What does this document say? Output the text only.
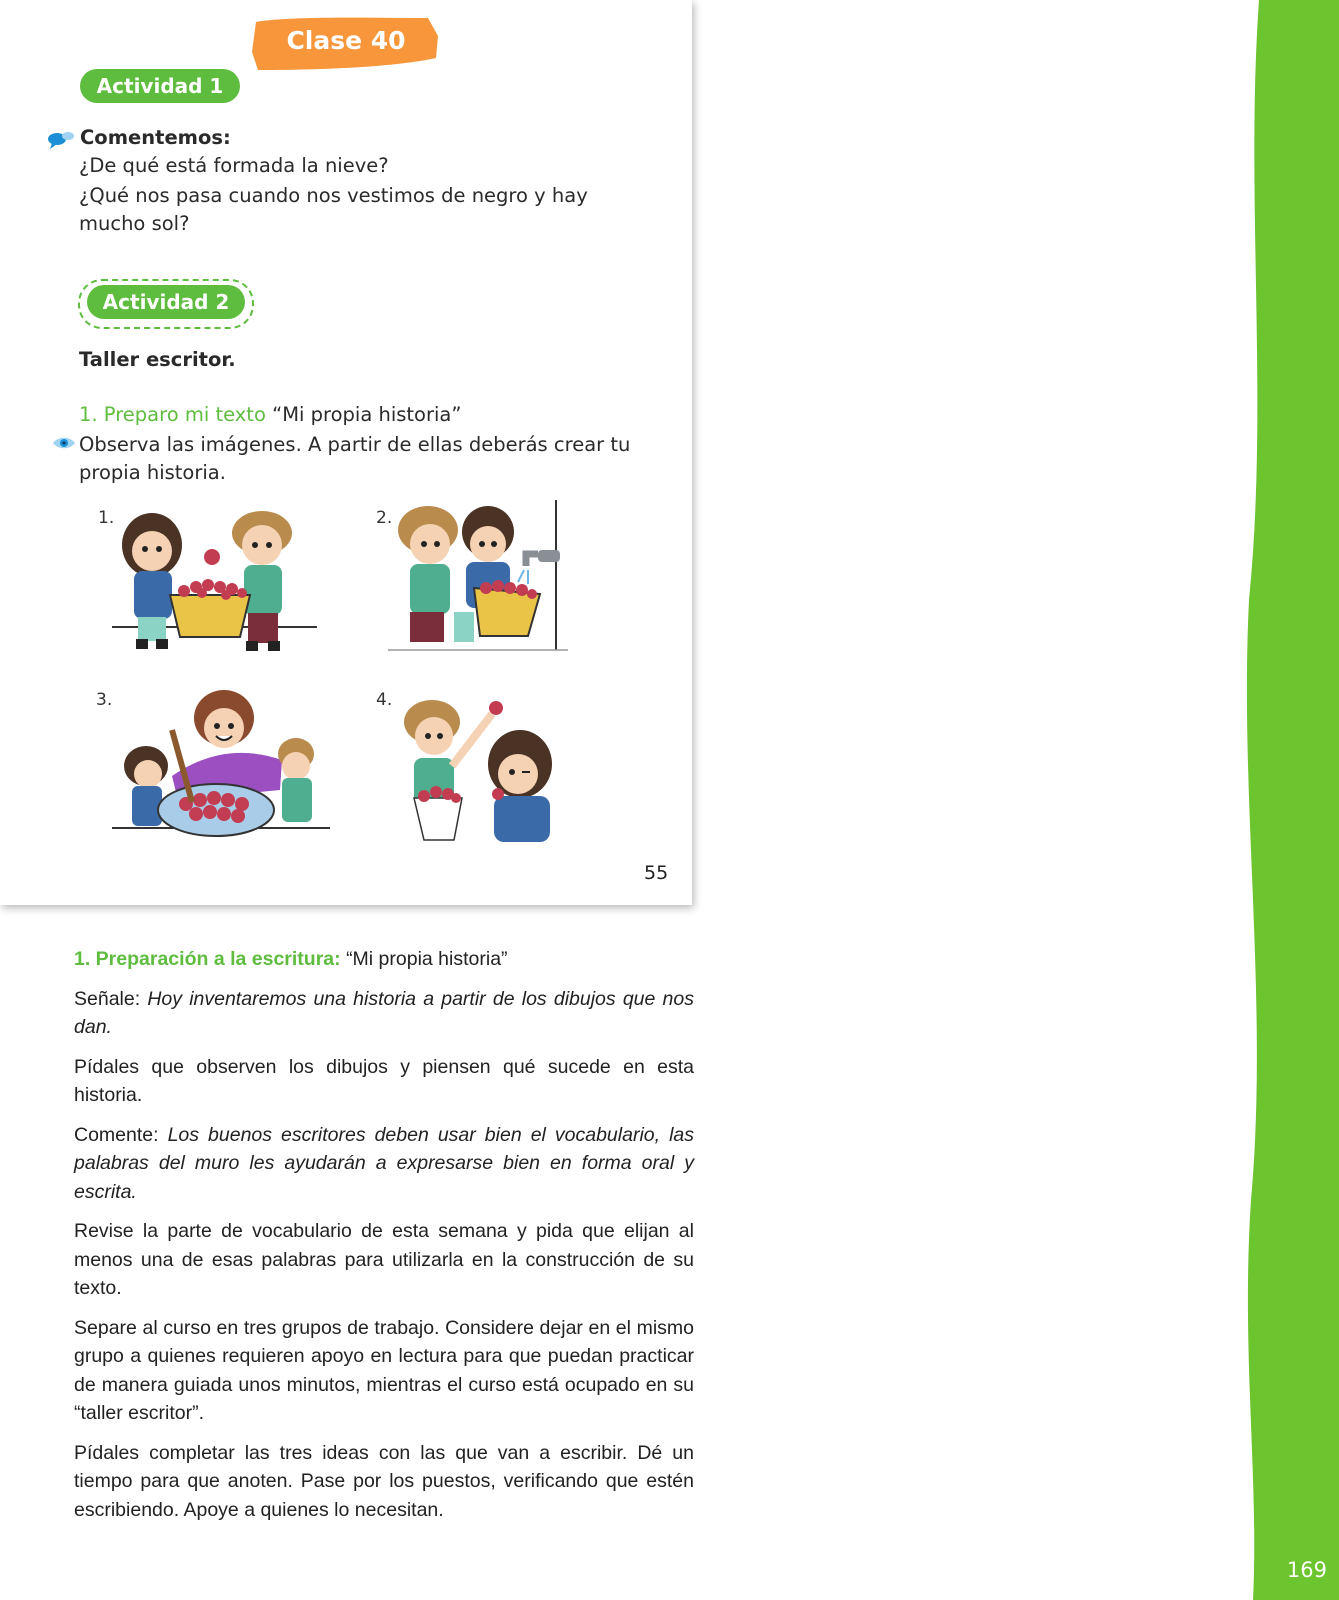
169
Clase 40
Actividad 1
Comentemos:
¿De qué está formada la nieve?
¿Qué nos pasa cuando nos vestimos de negro y hay mucho sol?
Actividad 2
Taller escritor.
1. Preparo mi texto “Mi propia historia”
Observa las imágenes. A partir de ellas deberás crear tu propia historia.
1.	2.
3.	4.
55

1. Preparación a la escritura: “Mi propia historia”

Señale: Hoy inventaremos una historia a partir de los dibujos que nos dan.

Pídales que observen los dibujos y piensen qué sucede en esta historia.

Comente: Los buenos escritores deben usar bien el vocabulario, las palabras del muro les ayudarán a expresarse bien en forma oral y escrita.

Revise la parte de vocabulario de esta semana y pida que elijan al menos una de esas palabras para utilizarla en la construcción de su texto.

Separe al curso en tres grupos de trabajo. Considere dejar en el mismo grupo a quienes requieren apoyo en lectura para que puedan practicar de manera guiada unos minutos, mientras el curso está ocupado en su “taller escritor”.

Pídales completar las tres ideas con las que van a escribir. Dé un tiempo para que anoten. Pase por los puestos, verificando que estén escribiendo. Apoye a quienes lo necesitan.
